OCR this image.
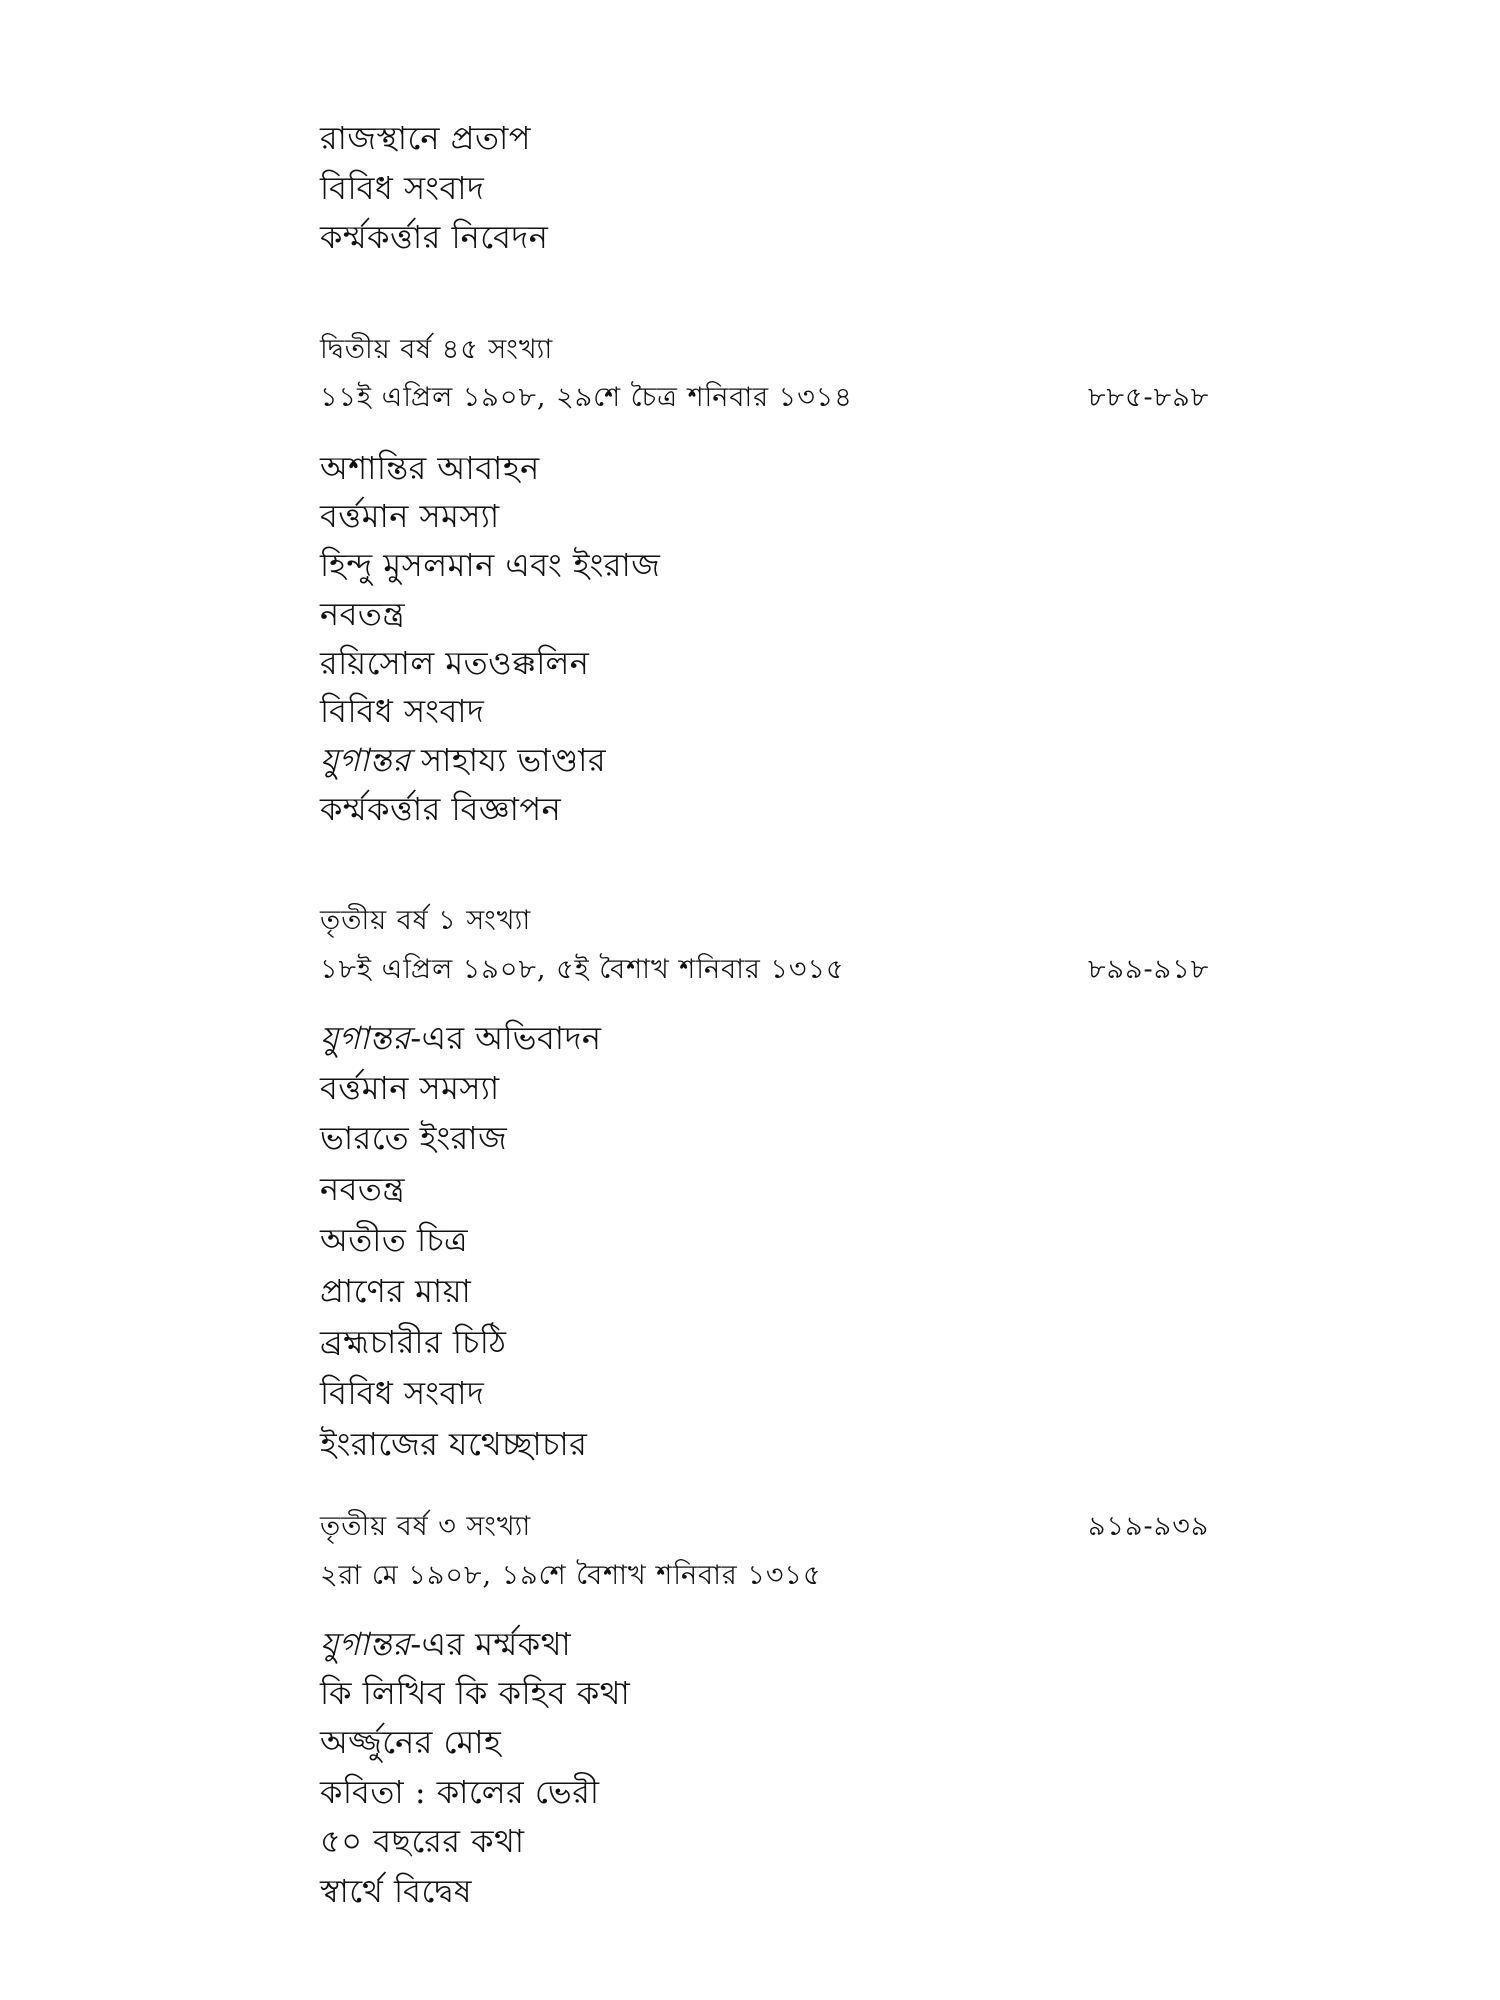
রাজস্থানে প্রতাপ
বিবিধ সংবাদ
কর্ম্মকর্ত্তার নিবেদন
দ্বিতীয় বর্ষ ৪৫ সংখ্যা
১১ই এপ্রিল ১৯০৮, ২৯শে চৈত্র শনিবার ১৩১৪	৮৮৫-৮৯৮
অশান্তির আবাহন
বর্ত্তমান সমস্যা
হিন্দু মুসলমান এবং ইংরাজ
নবতন্ত্র
রয়িসোল মতওক্কলিন
বিবিধ সংবাদ
যুগান্তর সাহায্য ভাণ্ডার
কর্ম্মকর্ত্তার বিজ্ঞাপন
তৃতীয় বর্ষ ১ সংখ্যা
১৮ই এপ্রিল ১৯০৮, ৫ই বৈশাখ শনিবার ১৩১৫	৮৯৯-৯১৮
যুগান্তর-এর অভিবাদন
বর্ত্তমান সমস্যা
ভারতে ইংরাজ
নবতন্ত্র
অতীত চিত্র
প্রাণের মায়া
ব্রহ্মচারীর চিঠি
বিবিধ সংবাদ
ইংরাজের যথেচ্ছাচার
তৃতীয় বর্ষ ৩ সংখ্যা	৯১৯-৯৩৯
২রা মে ১৯০৮, ১৯শে বৈশাখ শনিবার ১৩১৫
যুগান্তর-এর মর্ম্মকথা
কি লিখিব কি কহিব কথা
অর্জ্জুনের মোহ
কবিতা : কালের ভেরী
৫০ বছরের কথা
স্বার্থে বিদ্বেষ
